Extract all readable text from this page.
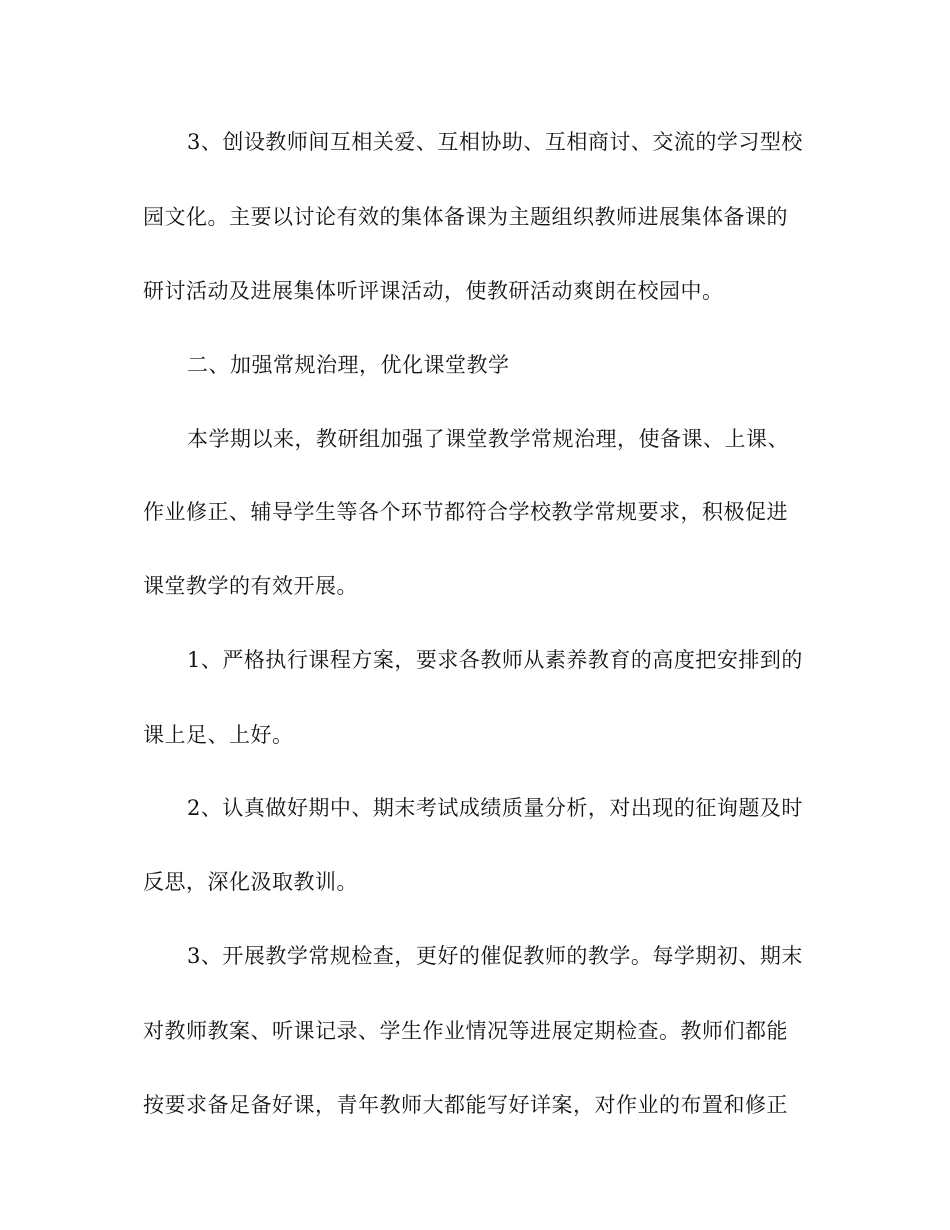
3、创设教师间互相关爱、互相协助、互相商讨、交流的学习型校

园文化。主要以讨论有效的集体备课为主题组织教师进展集体备课的

研讨活动及进展集体听评课活动，使教研活动爽朗在校园中。

二、加强常规治理，优化课堂教学

本学期以来，教研组加强了课堂教学常规治理，使备课、上课、

作业修正、辅导学生等各个环节都符合学校教学常规要求，积极促进

课堂教学的有效开展。

1、严格执行课程方案，要求各教师从素养教育的高度把安排到的

课上足、上好。

2、认真做好期中、期末考试成绩质量分析，对出现的征询题及时

反思，深化汲取教训。

3、开展教学常规检查，更好的催促教师的教学。每学期初、期末

对教师教案、听课记录、学生作业情况等进展定期检查。教师们都能

按要求备足备好课，青年教师大都能写好详案，对作业的布置和修正
